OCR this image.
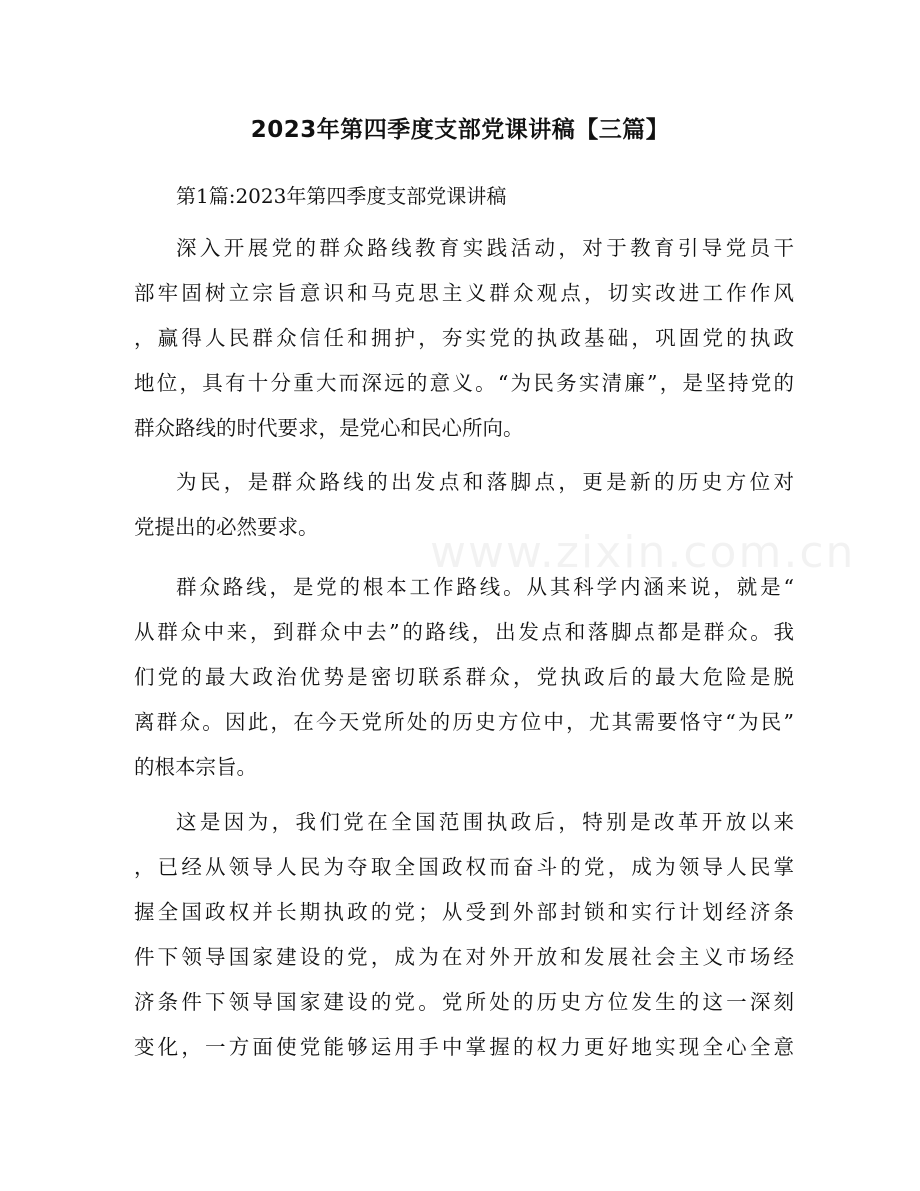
2023年第四季度支部党课讲稿【三篇】
第1篇:2023年第四季度支部党课讲稿
www.zixin.com.cn
深入开展党的群众路线教育实践活动，对于教育引导党员干
部牢固树立宗旨意识和马克思主义群众观点，切实改进工作作风
，赢得人民群众信任和拥护，夯实党的执政基础，巩固党的执政
地位，具有十分重大而深远的意义。“为民务实清廉”，是坚持党的
群众路线的时代要求，是党心和民心所向。
为民，是群众路线的出发点和落脚点，更是新的历史方位对
党提出的必然要求。
群众路线，是党的根本工作路线。从其科学内涵来说，就是“
从群众中来，到群众中去”的路线，出发点和落脚点都是群众。我
们党的最大政治优势是密切联系群众，党执政后的最大危险是脱
离群众。因此，在今天党所处的历史方位中，尤其需要恪守“为民”
的根本宗旨。
这是因为，我们党在全国范围执政后，特别是改革开放以来
，已经从领导人民为夺取全国政权而奋斗的党，成为领导人民掌
握全国政权并长期执政的党；从受到外部封锁和实行计划经济条
件下领导国家建设的党，成为在对外开放和发展社会主义市场经
济条件下领导国家建设的党。党所处的历史方位发生的这一深刻
变化，一方面使党能够运用手中掌握的权力更好地实现全心全意
